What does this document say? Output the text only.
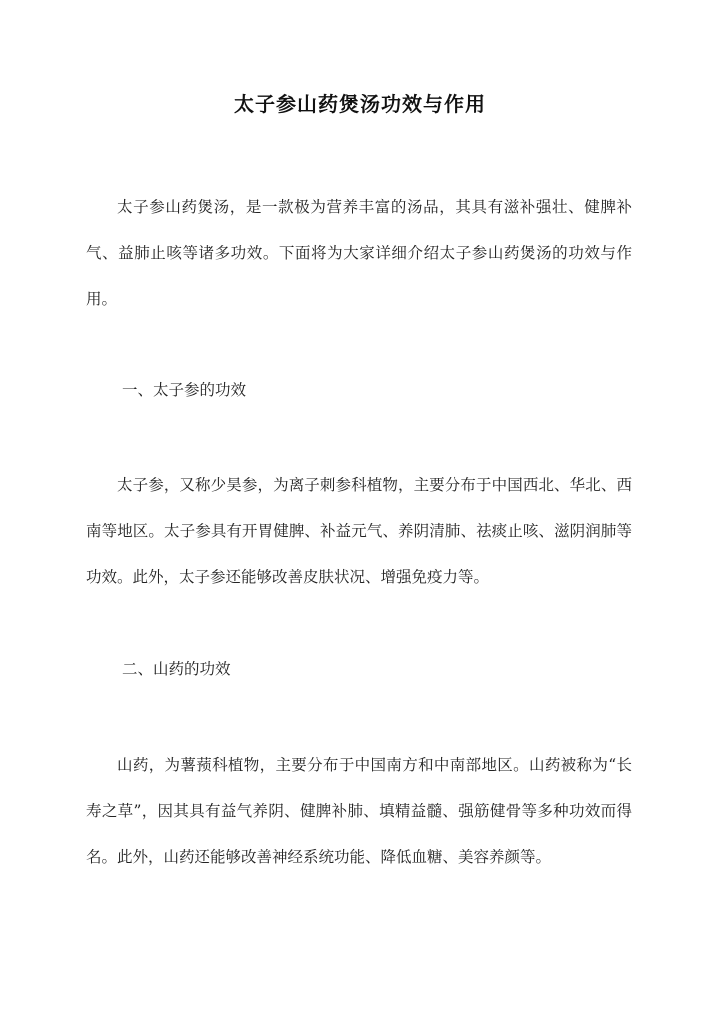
太子参山药煲汤功效与作用

太子参山药煲汤，是一款极为营养丰富的汤品，其具有滋补强壮、健脾补气、益肺止咳等诸多功效。下面将为大家详细介绍太子参山药煲汤的功效与作用。

一、太子参的功效

太子参，又称少昊参，为离子刺参科植物，主要分布于中国西北、华北、西南等地区。太子参具有开胃健脾、补益元气、养阴清肺、祛痰止咳、滋阴润肺等功效。此外，太子参还能够改善皮肤状况、增强免疫力等。

二、山药的功效

山药，为薯蓣科植物，主要分布于中国南方和中南部地区。山药被称为“长寿之草”，因其具有益气养阴、健脾补肺、填精益髓、强筋健骨等多种功效而得名。此外，山药还能够改善神经系统功能、降低血糖、美容养颜等。
